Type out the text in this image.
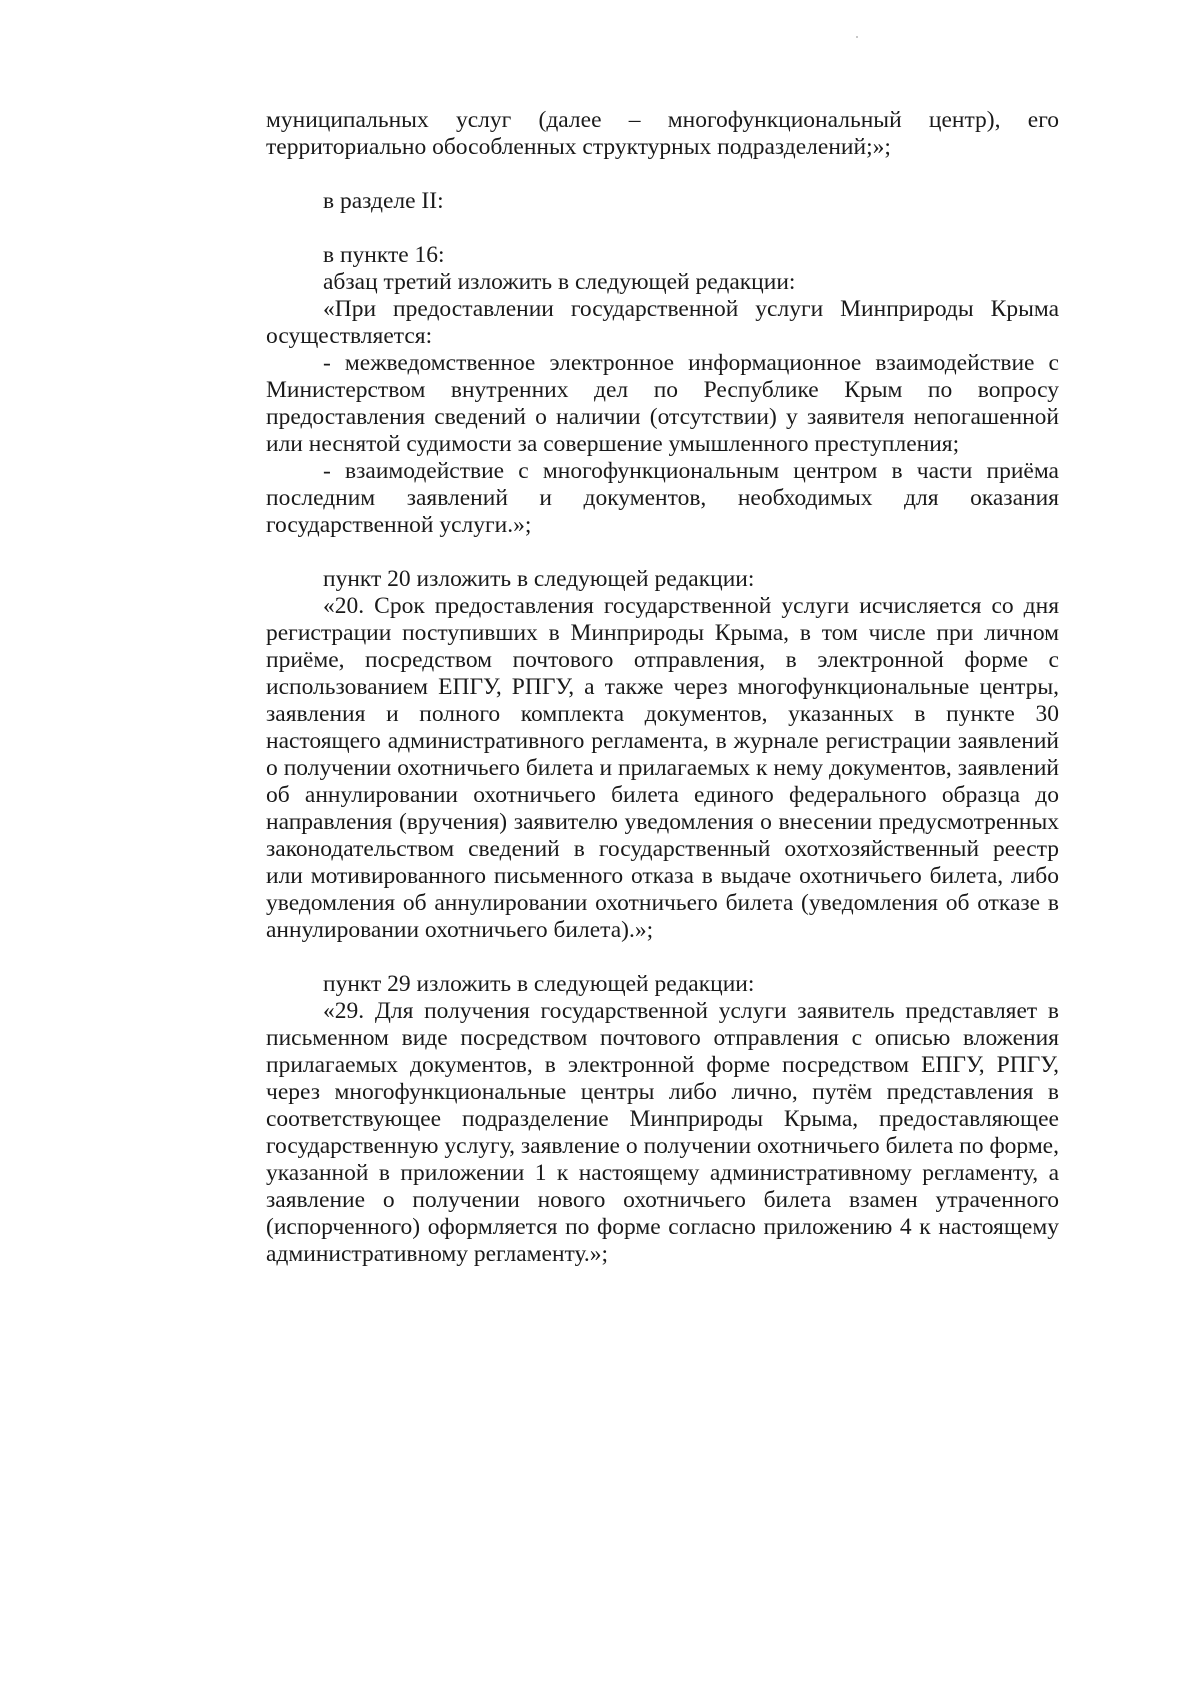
муниципальных услуг (далее – многофункциональный центр), его территориально обособленных структурных подразделений;»;

в разделе II:

в пункте 16:

абзац третий изложить в следующей редакции:

«При предоставлении государственной услуги Минприроды Крыма осуществляется:

- межведомственное электронное информационное взаимодействие с Министерством внутренних дел по Республике Крым по вопросу предоставления сведений о наличии (отсутствии) у заявителя непогашенной или неснятой судимости за совершение умышленного преступления;

- взаимодействие с многофункциональным центром в части приёма последним заявлений и документов, необходимых для оказания государственной услуги.»;

пункт 20 изложить в следующей редакции:

«20. Срок предоставления государственной услуги исчисляется со дня регистрации поступивших в Минприроды Крыма, в том числе при личном приёме, посредством почтового отправления, в электронной форме с использованием ЕПГУ, РПГУ, а также через многофункциональные центры, заявления и полного комплекта документов, указанных в пункте 30 настоящего административного регламента, в журнале регистрации заявлений о получении охотничьего билета и прилагаемых к нему документов, заявлений об аннулировании охотничьего билета единого федерального образца до направления (вручения) заявителю уведомления о внесении предусмотренных законодательством сведений в государственный охотхозяйственный реестр или мотивированного письменного отказа в выдаче охотничьего билета, либо уведомления об аннулировании охотничьего билета (уведомления об отказе в аннулировании охотничьего билета).»;

пункт 29 изложить в следующей редакции:

«29. Для получения государственной услуги заявитель представляет в письменном виде посредством почтового отправления с описью вложения прилагаемых документов, в электронной форме посредством ЕПГУ, РПГУ, через многофункциональные центры либо лично, путём представления в соответствующее подразделение Минприроды Крыма, предоставляющее государственную услугу, заявление о получении охотничьего билета по форме, указанной в приложении 1 к настоящему административному регламенту, а заявление о получении нового охотничьего билета взамен утраченного (испорченного) оформляется по форме согласно приложению 4 к настоящему административному регламенту.»;
